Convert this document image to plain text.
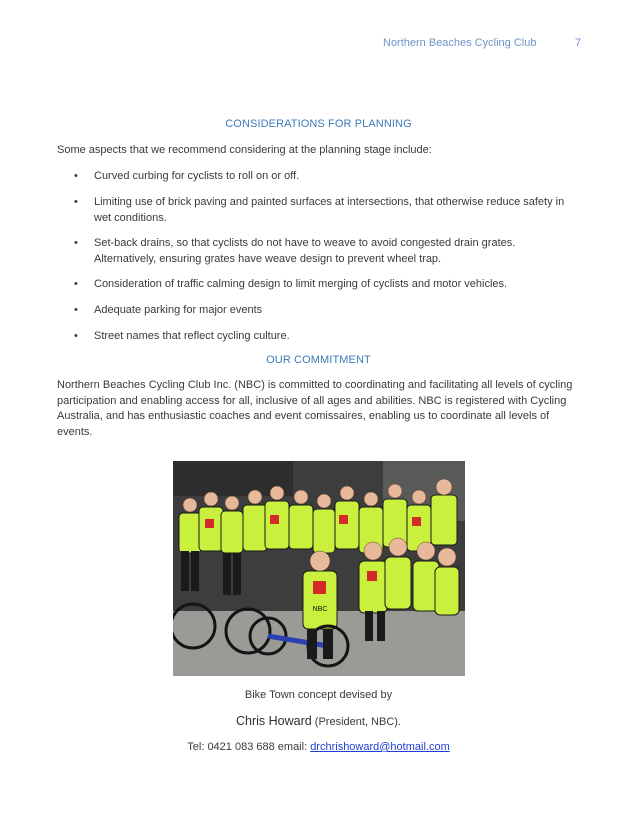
Northern Beaches Cycling Club	7
CONSIDERATIONS FOR PLANNING
Some aspects that we recommend considering at the planning stage include:
• Curved curbing for cyclists to roll on or off.
• Limiting use of brick paving and painted surfaces at intersections, that otherwise reduce safety in wet conditions.
• Set-back drains, so that cyclists do not have to weave to avoid congested drain grates. Alternatively, ensuring grates have weave design to prevent wheel trap.
• Consideration of traffic calming design to limit merging of cyclists and motor vehicles.
• Adequate parking for major events
• Street names that reflect cycling culture.
OUR COMMITMENT
Northern Beaches Cycling Club Inc. (NBC) is committed to coordinating and facilitating all levels of cycling participation and enabling access for all, inclusive of all ages and abilities. NBC is registered with Cycling Australia, and has enthusiastic coaches and event comissaires, enabling us to coordinate all levels of events.
NBC
Bike Town concept devised by
Chris Howard (President, NBC).
Tel: 0421 083 688 email: drchrishoward@hotmail.com
